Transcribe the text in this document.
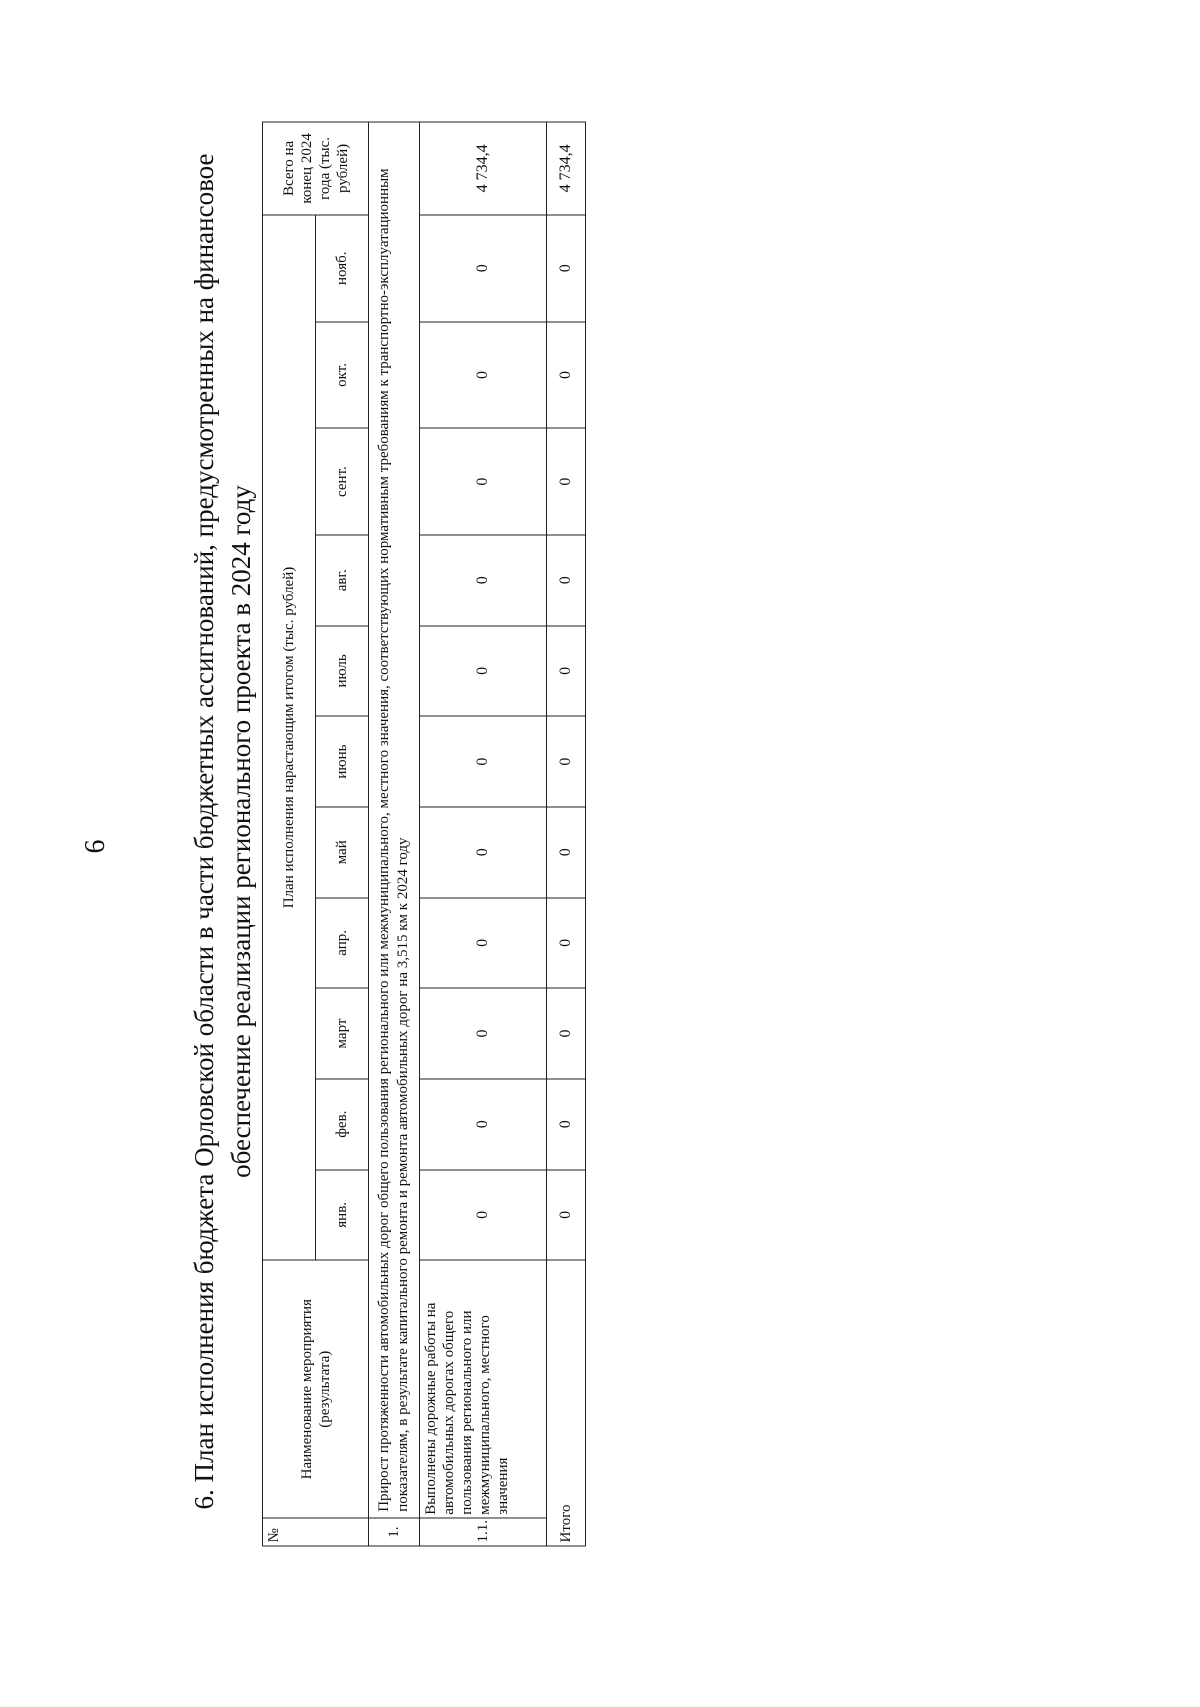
6	6. План исполнения бюджета Орловской области в части бюджетных ассигнований, предусмотренных на финансовое обеспечение реализации регионального проекта в 2024 году
№	Наименование мероприятия (результата)	План исполнения нарастающим итогом (тыс. рублей)											Всего на конец 2024 года (тыс. рублей)
		янв.	фев.	март	апр.	май	июнь	июль	авг.	сент.	окт.	нояб.	
1.	Прирост протяженности автомобильных дорог общего пользования регионального или межмуниципального, местного значения, соответствующих нормативным требованиям к транспортно-эксплуатационным показателям, в результате капитального ремонта и ремонта автомобильных дорог на 3,515 км к 2024 году												
1.1.	Выполнены дорожные работы на автомобильных дорогах общего пользования регионального или межмуниципального, местного значения	0	0	0	0	0	0	0	0	0	0	0	4 734,4
Итого		0	0	0	0	0	0	0	0	0	0	0	4 734,4
